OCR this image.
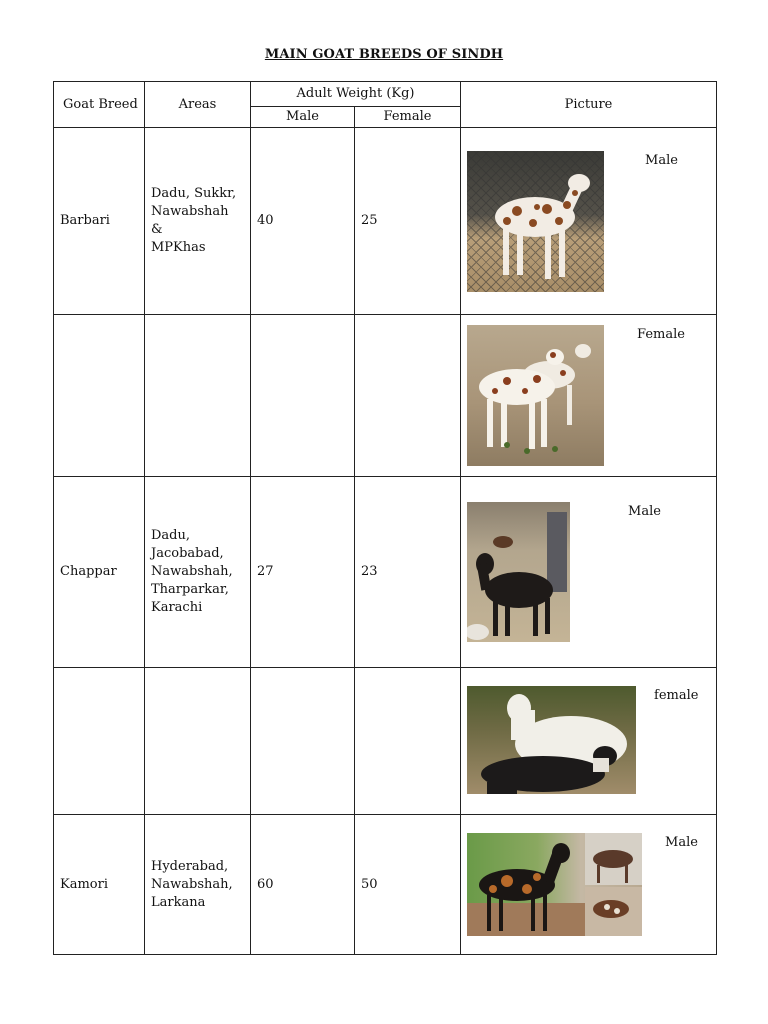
MAIN GOAT BREEDS OF SINDH
Goat Breed	Areas	Adult Weight (Kg)		Picture
		Male	Female	
Barbari	Dadu, Sukkr,
Nawabshah &
MPKhas	40	25	Male

				Female

Chappar	Dadu,
Jacobabad,
Nawabshah,
Tharparkar,
Karachi	27	23	Male

				female

Kamori	Hyderabad,
Nawabshah,
Larkana	60	50	Male
